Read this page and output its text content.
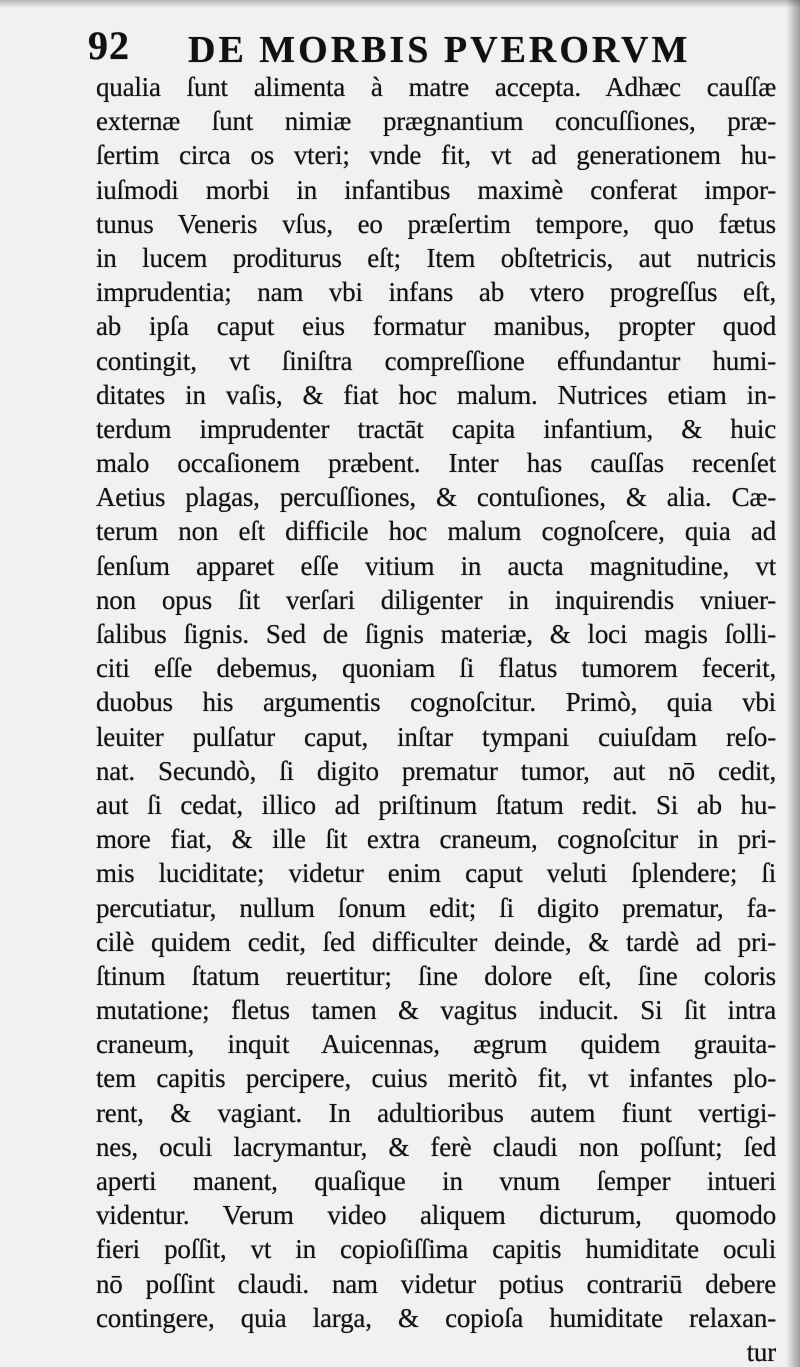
92 DE MORBIS PVERORVM
qualia ſunt alimenta à matre accepta. Adhæc cauſſæ
externæ ſunt nimiæ prægnantium concuſſiones, præ-
ſertim circa os vteri; vnde fit, vt ad generationem hu-
iuſmodi morbi in infantibus maximè conferat impor-
tunus Veneris vſus, eo præſertim tempore, quo fætus
in lucem proditurus eſt; Item obſtetricis, aut nutricis
imprudentia; nam vbi infans ab vtero progreſſus eſt,
ab ipſa caput eius formatur manibus, propter quod
contingit, vt ſiniſtra compreſſione effundantur humi-
ditates in vaſis, & fiat hoc malum. Nutrices etiam in-
terdum imprudenter tractāt capita infantium, & huic
malo occaſionem præbent. Inter has cauſſas recenſet
Aetius plagas, percuſſiones, & contuſiones, & alia. Cæ-
terum non eſt difficile hoc malum cognoſcere, quia ad
ſenſum apparet eſſe vitium in aucta magnitudine, vt
non opus ſit verſari diligenter in inquirendis vniuer-
ſalibus ſignis. Sed de ſignis materiæ, & loci magis ſolli-
citi eſſe debemus, quoniam ſi flatus tumorem fecerit,
duobus his argumentis cognoſcitur. Primò, quia vbi
leuiter pulſatur caput, inſtar tympani cuiuſdam reſo-
nat. Secundò, ſi digito prematur tumor, aut nō cedit,
aut ſi cedat, illico ad priſtinum ſtatum redit. Si ab hu-
more fiat, & ille ſit extra craneum, cognoſcitur in pri-
mis luciditate; videtur enim caput veluti ſplendere; ſi
percutiatur, nullum ſonum edit; ſi digito prematur, fa-
cilè quidem cedit, ſed difficulter deinde, & tardè ad pri-
ſtinum ſtatum reuertitur; ſine dolore eſt, ſine coloris
mutatione; fletus tamen & vagitus inducit. Si ſit intra
craneum, inquit Auicennas, ægrum quidem grauita-
tem capitis percipere, cuius meritò fit, vt infantes plo-
rent, & vagiant. In adultioribus autem fiunt vertigi-
nes, oculi lacrymantur, & ferè claudi non poſſunt; ſed
aperti manent, quaſique in vnum ſemper intueri
videntur. Verum video aliquem dicturum, quomodo
fieri poſſit, vt in copioſiſſima capitis humiditate oculi
nō poſſint claudi. nam videtur potius contrariū debere
contingere, quia larga, & copioſa humiditate relaxan-
tur
